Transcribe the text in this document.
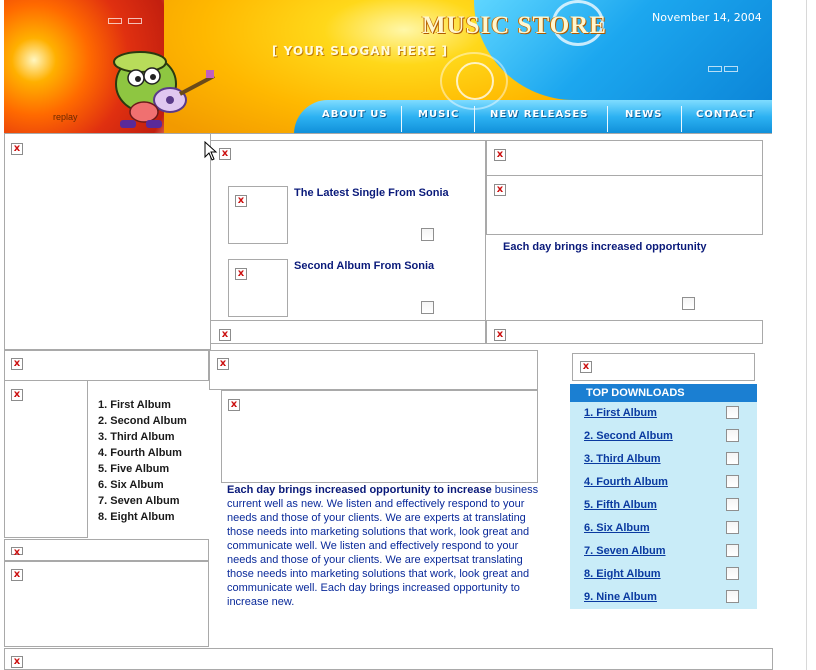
MUSIC STORE
[ YOUR SLOGAN HERE ]
November 14, 2004
replay	ABOUT US	MUSIC	NEW RELEASES	NEWS	CONTACT
x	x
x
The Latest Single From Sonia
x
Second Album From Sonia
x
x
x
Each day brings increased opportunity
x
x
x
1. First Album
2. Second Album
3. Third Album
4. Fourth Album
5. Five Album
6. Six Album
7. Seven Album
8. Eight Album
x
x
x
x
Each day brings increased opportunity to increase business current well as new. We listen and effectively respond to your needs and those of your clients. We are experts at translating those needs into marketing solutions that work, look great and communicate well. We listen and effectively respond to your needs and those of your clients. We are expertsat translating those needs into marketing solutions that work, look great and communicate well. Each day brings increased opportunity to increase new.
x
TOP DOWNLOADS
1. First Album
2. Second Album
3. Third Album
4. Fourth Album
5. Fifth Album
6. Six Album
7. Seven Album
8. Eight Album
9. Nine Album
x
